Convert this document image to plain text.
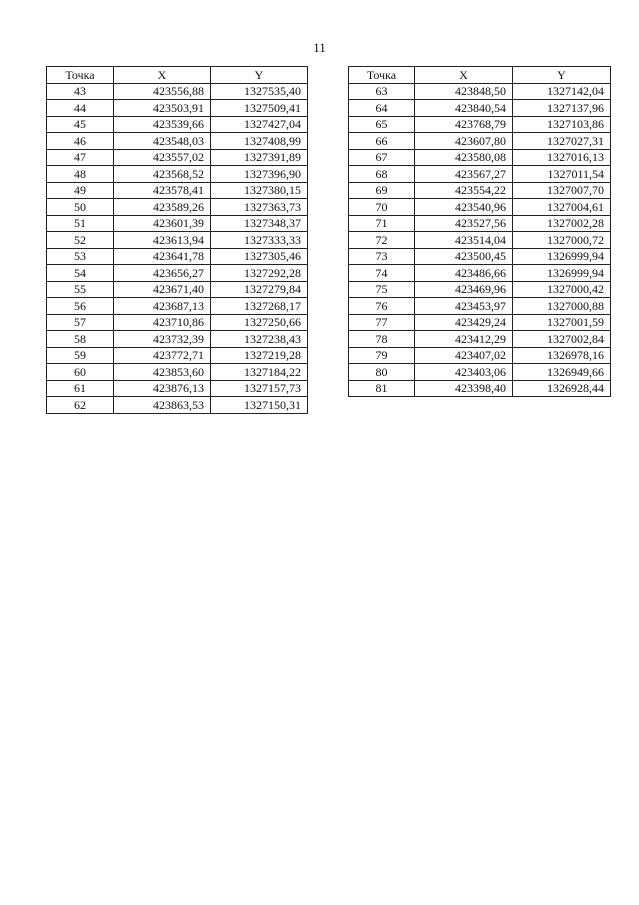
11
Точка	X	Y
43	423556,88	1327535,40
44	423503,91	1327509,41
45	423539,66	1327427,04
46	423548,03	1327408,99
47	423557,02	1327391,89
48	423568,52	1327396,90
49	423578,41	1327380,15
50	423589,26	1327363,73
51	423601,39	1327348,37
52	423613,94	1327333,33
53	423641,78	1327305,46
54	423656,27	1327292,28
55	423671,40	1327279,84
56	423687,13	1327268,17
57	423710,86	1327250,66
58	423732,39	1327238,43
59	423772,71	1327219,28
60	423853,60	1327184,22
61	423876,13	1327157,73
62	423863,53	1327150,31
Точка	X	Y
63	423848,50	1327142,04
64	423840,54	1327137,96
65	423768,79	1327103,86
66	423607,80	1327027,31
67	423580,08	1327016,13
68	423567,27	1327011,54
69	423554,22	1327007,70
70	423540,96	1327004,61
71	423527,56	1327002,28
72	423514,04	1327000,72
73	423500,45	1326999,94
74	423486,66	1326999,94
75	423469,96	1327000,42
76	423453,97	1327000,88
77	423429,24	1327001,59
78	423412,29	1327002,84
79	423407,02	1326978,16
80	423403,06	1326949,66
81	423398,40	1326928,44
